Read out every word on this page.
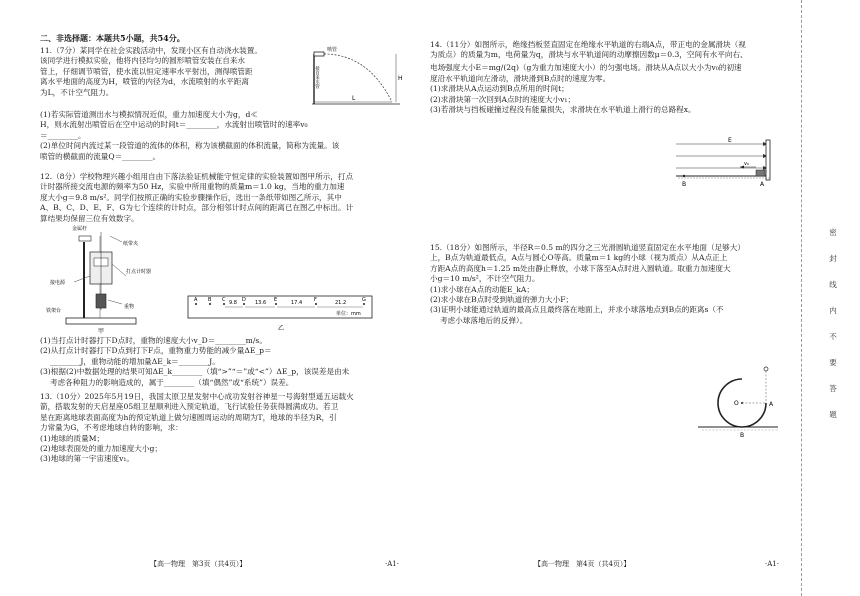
二、非选择题：本题共5小题，共54分。

11.（7分）某同学在社会实践活动中，发现小区有自动浇水装置。

该同学进行模拟实验，他将内径均匀的圆形喷管安装在自来水

管上，仔细调节喷管，使水流以恒定速率水平射出，测得喷管距

离水平地面的高度为H，喷管的内径为d，水流喷射的水平距离

为L，不计空气阻力。

(1)若实际管道测出水与模拟情况近似，重力加速度大小为g，d≪

H，则水流射出喷管后在空中运动的时间t＝________，水流射出喷管时的速率v₀

＝________。

(2)单位时间内流过某一段管道的流体的体积，称为该横截面的体积流量，简称为流量。该

喷管的横截面的流量Q＝________。

喷管
接自来水管	H
L

12.（8分）学校物理兴趣小组用自由下落法验证机械能守恒定律的实验装置如图甲所示，打点

计时器所接交流电源的频率为50 Hz，实验中所用重物的质量m＝1.0 kg，当地的重力加速

度大小g＝9.8 m/s²。同学们按照正确的实验步骤操作后，选出一条纸带如图乙所示，其中

A、B、C、D、E、F、G为七个连续的计时点，部分相邻计时点间的距离已在图乙中标出。计

算结果均保留三位有效数字。

金属杆
纸带夹
打点计时器
接电源
铁架台
重物
甲
A B C	D	E	F	G
9.8	13.6	17.4	21.2
单位：mm
乙

(1)当打点计时器打下D点时，重物的速度大小v_D＝________m/s。

(2)从打点计时器打下D点到打下F点，重物重力势能的减少量ΔE_p＝

________J，重物动能的增加量ΔE_k＝________J。

(3)根据(2)中数据处理的结果可知ΔE_k________（填“>”“＝”或“<”）ΔE_p，该误差是由未

考虑各种阻力的影响造成的，属于________（填“偶然”或“系统”）误差。

13.（10分）2025年5月19日，我国太原卫星发射中心成功发射谷神星一号海射型遥五运载火

箭，搭载发射的天启星座05组卫星顺利进入预定轨道，飞行试验任务获得圆满成功。若卫

星在距离地球表面高度为h的预定轨道上做匀速圆周运动的周期为T，地球的半径为R，引

力常量为G，不考虑地球自转的影响，求：

(1)地球的质量M；

(2)地球表面处的重力加速度大小g；

(3)地球的第一宇宙速度v₁。

【高一物理　第3页（共4页）】	·A1·

14.（11分）如图所示，绝缘挡板竖直固定在绝缘水平轨道的右端A点，带正电的金属滑块（视

为质点）的质量为m，电荷量为q，滑块与水平轨道间的动摩擦因数μ＝0.3，空间有水平向右、

电场强度大小E＝mg/(2q)（g为重力加速度大小）的匀强电场。滑块从A点以大小为v₀的初速

度沿水平轨道向左滑动，滑块滑到B点时的速度为零。

(1)求滑块从A点运动到B点所用的时间t；

(2)求滑块第一次回到A点时的速度大小v₁；

(3)若滑块与挡板碰撞过程没有能量损失，求滑块在水平轨道上滑行的总路程x。

E
v₀
B	A

15.（18分）如图所示，半径R＝0.5 m的四分之三光滑圆轨道竖直固定在水平地面（足够大）

上，B点为轨道最低点，A点与圆心O等高。质量m＝1 kg的小球（视为质点）从A点正上

方距A点的高度h＝1.25 m处由静止释放，小球下落至A点时进入圆轨道。取重力加速度大

小g＝10 m/s²，不计空气阻力。

(1)求小球在A点的动能E_kA；

(2)求小球在B点时受到轨道的弹力大小F；

(3)证明小球能通过轨道的最高点且最终落在地面上，并求小球落地点到B点的距离s（不

考虑小球落地后的反弹）。

O	A
B
【高一物理　第4页（共4页）】	·A1·
密
封
线
内
不
要
答
题
